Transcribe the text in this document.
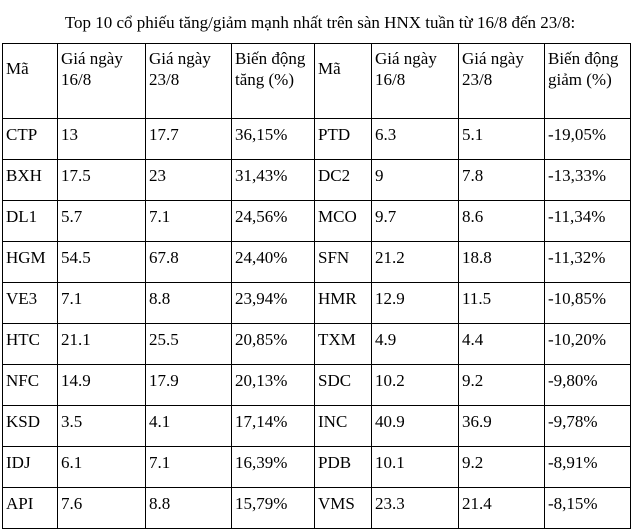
Top 10 cổ phiếu tăng/giảm mạnh nhất trên sàn HNX tuần từ 16/8 đến 23/8:
Mã	Giá ngày 16/8	Giá ngày 23/8	Biến động tăng (%)	Mã	Giá ngày 16/8	Giá ngày 23/8	Biến động giảm (%)
CTP	13	17.7	36,15%	PTD	6.3	5.1	-19,05%
BXH	17.5	23	31,43%	DC2	9	7.8	-13,33%
DL1	5.7	7.1	24,56%	MCO	9.7	8.6	-11,34%
HGM	54.5	67.8	24,40%	SFN	21.2	18.8	-11,32%
VE3	7.1	8.8	23,94%	HMR	12.9	11.5	-10,85%
HTC	21.1	25.5	20,85%	TXM	4.9	4.4	-10,20%
NFC	14.9	17.9	20,13%	SDC	10.2	9.2	-9,80%
KSD	3.5	4.1	17,14%	INC	40.9	36.9	-9,78%
IDJ	6.1	7.1	16,39%	PDB	10.1	9.2	-8,91%
API	7.6	8.8	15,79%	VMS	23.3	21.4	-8,15%
